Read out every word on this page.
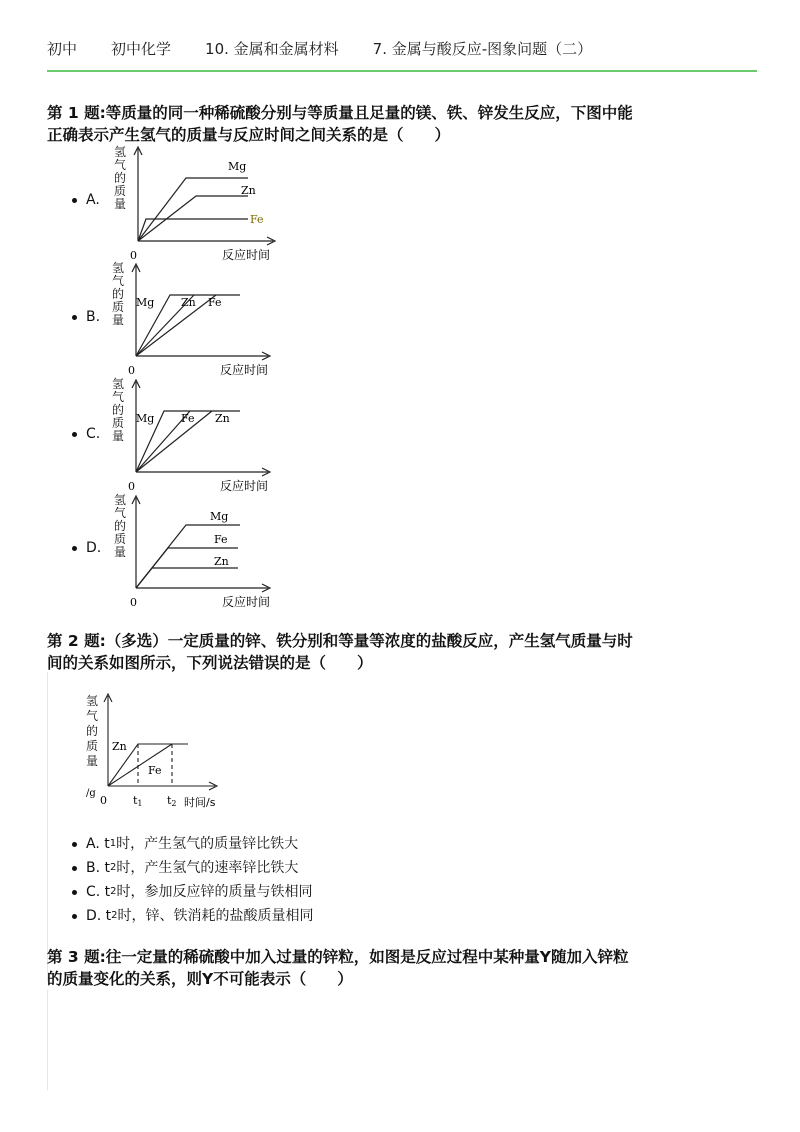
初中 初中化学 10. 金属和金属材料 7. 金属与酸反应-图象问题（二）
第 1 题:等质量的同一种稀硫酸分别与等质量且足量的镁、铁、锌发生反应，下图中能
正确表示产生氢气的质量与反应时间之间关系的是（　　）
A.
Mg
Zn
Fe
0	反应时间
氢气的质量
B.
Mg Zn Fe
0	反应时间
氢气的质量
C.
Mg Fe Zn
0	反应时间
氢气的质量
D.
Mg
Fe
Zn
0	反应时间
氢气的质量
第 2 题:（多选）一定质量的锌、铁分别和等量等浓度的盐酸反应，产生氢气质量与时
间的关系如图所示，下列说法错误的是（　　）
Zn
Fe
0 t1 t2 时间/s
/g
氢气的质量
A. t 1 时，产生氢气的质量锌比铁大
B. t 2 时，产生氢气的速率锌比铁大
C. t 2 时，参加反应锌的质量与铁相同
D. t 2 时，锌、铁消耗的盐酸质量相同
第 3 题:往一定量的稀硫酸中加入过量的锌粒，如图是反应过程中某种量Y随加入锌粒
的质量变化的关系，则Y不可能表示（　　）
